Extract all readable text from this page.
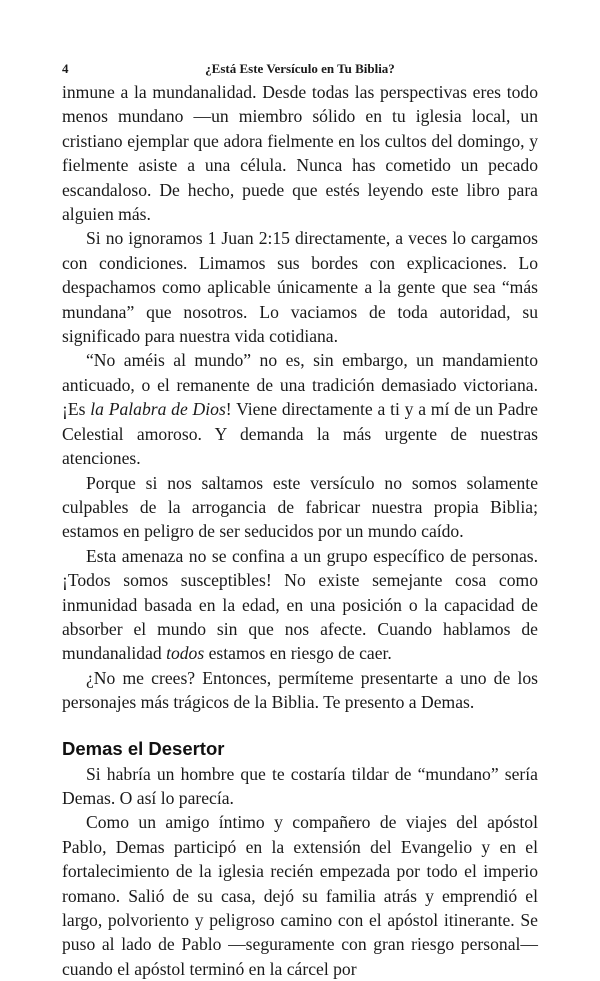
4	¿Está Este Versículo en Tu Biblia?

inmune a la mundanalidad. Desde todas las perspectivas eres todo menos mundano —un miembro sólido en tu iglesia local, un cristiano ejemplar que adora fielmente en los cultos del domingo, y fielmente asiste a una célula. Nunca has cometido un pecado escandaloso. De hecho, puede que estés leyendo este libro para alguien más.

Si no ignoramos 1 Juan 2:15 directamente, a veces lo cargamos con condiciones. Limamos sus bordes con explicaciones. Lo despachamos como aplicable únicamente a la gente que sea “más mundana” que nosotros. Lo vaciamos de toda autoridad, su significado para nuestra vida cotidiana.

“No améis al mundo” no es, sin embargo, un mandamiento anticuado, o el remanente de una tradición demasiado victoriana. ¡Es la Palabra de Dios! Viene directamente a ti y a mí de un Padre Celestial amoroso. Y demanda la más urgente de nuestras atenciones.

Porque si nos saltamos este versículo no somos solamente culpables de la arrogancia de fabricar nuestra propia Biblia; estamos en peligro de ser seducidos por un mundo caído.

Esta amenaza no se confina a un grupo específico de personas. ¡Todos somos susceptibles! No existe semejante cosa como inmunidad basada en la edad, en una posición o la capacidad de absorber el mundo sin que nos afecte. Cuando hablamos de mundanalidad todos estamos en riesgo de caer.

¿No me crees? Entonces, permíteme presentarte a uno de los personajes más trágicos de la Biblia. Te presento a Demas.

Demas el Desertor

Si habría un hombre que te costaría tildar de “mundano” sería Demas. O así lo parecía.

Como un amigo íntimo y compañero de viajes del apóstol Pablo, Demas participó en la extensión del Evangelio y en el fortalecimiento de la iglesia recién empezada por todo el imperio romano. Salió de su casa, dejó su familia atrás y emprendió el largo, polvoriento y peligroso camino con el apóstol itinerante. Se puso al lado de Pablo —seguramente con gran riesgo personal— cuando el apóstol terminó en la cárcel por
